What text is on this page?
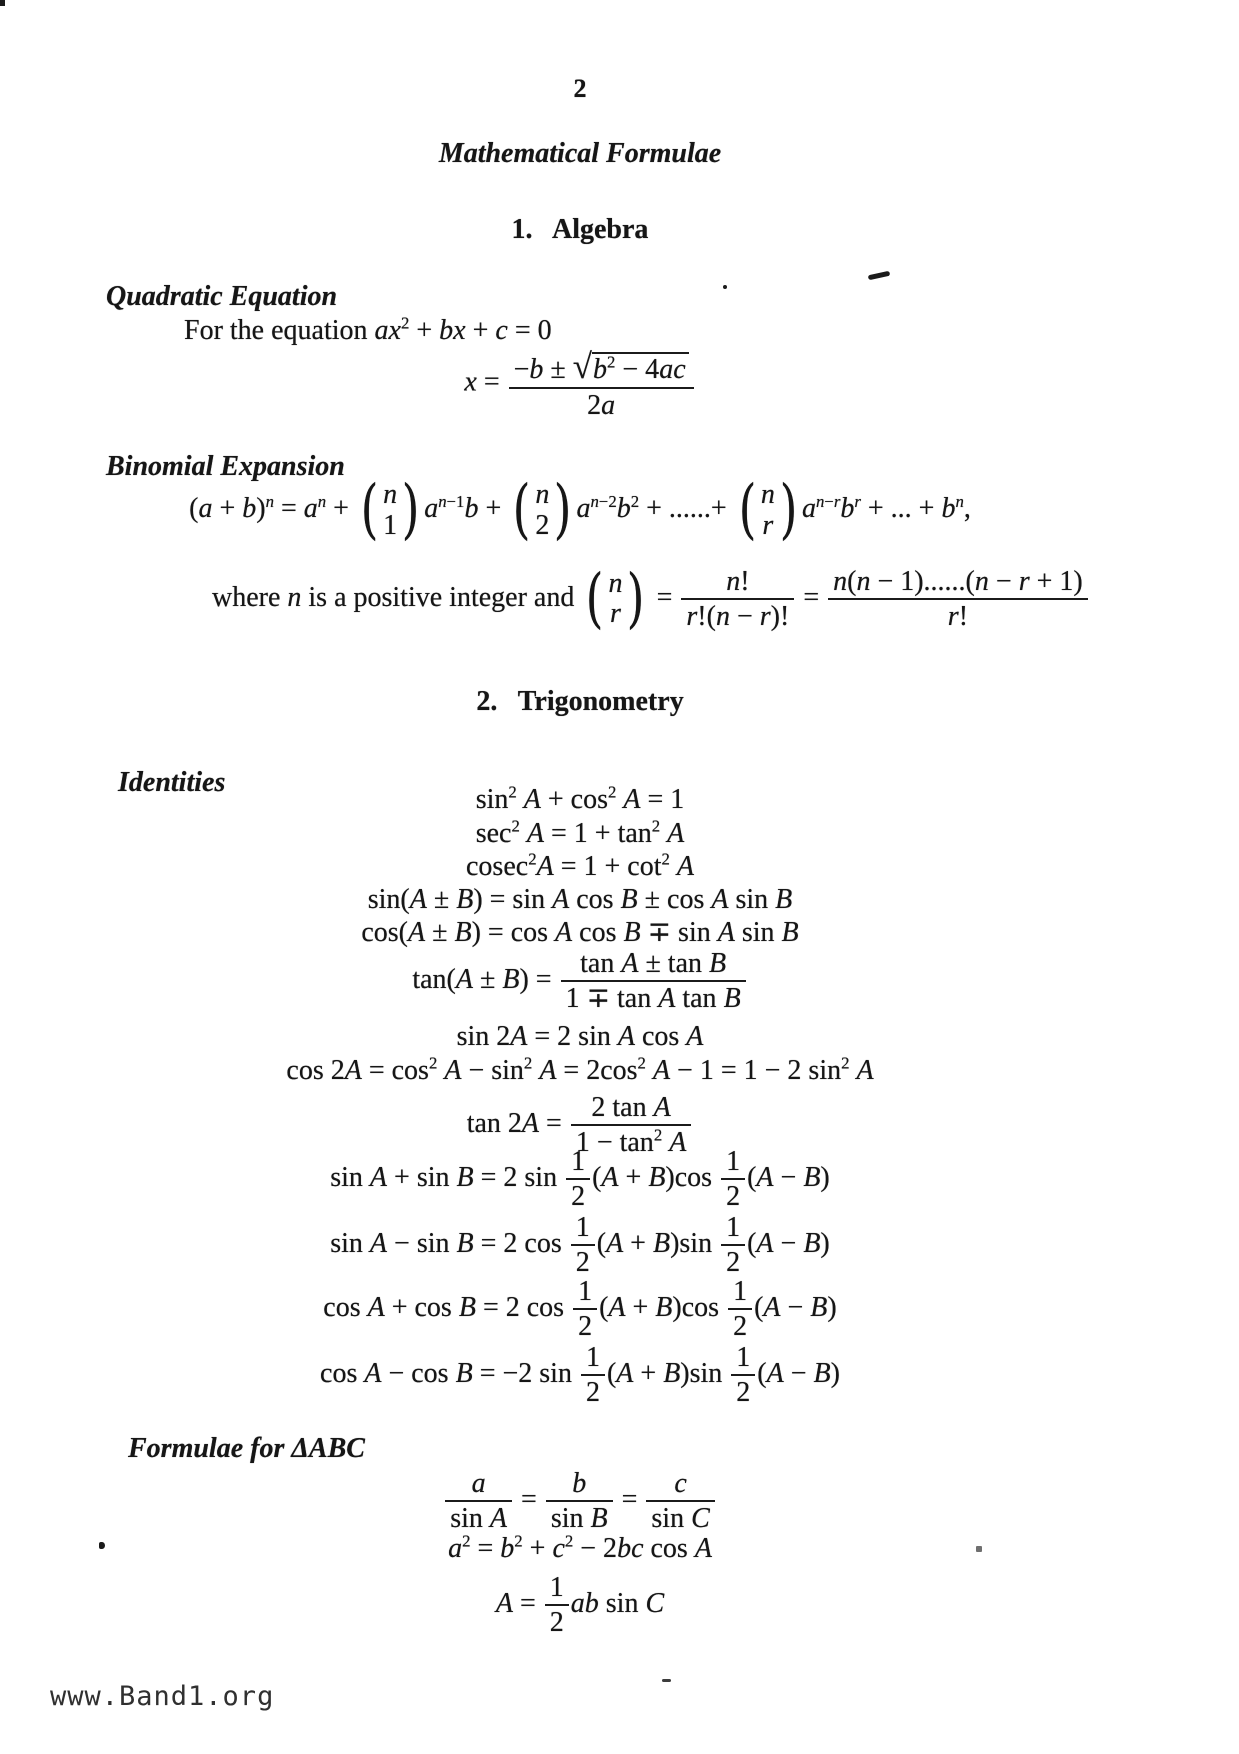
2
Mathematical Formulae
1.   Algebra
Quadratic Equation
For the equation $ax^2$ + bx + c = 0
$x = \frac{-b \pm √b^2 - 4ac}{2a}$
Binomial Expansion
$(a + b)^n = a^n$ + ( n
1 ) $a^{n-1}b$ + ( n
2 ) $a^{n-2}b^2$ + ......+ ( n
r ) $a^{n-r}b^r$ + ... + $b^n$,
where n is a positive integer and ( n
r ) = $\frac{n!}{r!(n - r)!} = \frac{n(n - 1)......(n - r + 1)}{r!}$
2.   Trigonometry
Identities
$\sin^2 A + \cos^2 A = 1$
$\sec^2 A = 1 + \tan^2 A$
$cosec^2A = 1 + \cot^2 A$
sin(A ± B) = sin A cos B ± cos A sin B
cos(A ± B) = cos A cos B ∓ sin A sin B
$\tan(A \pm B) = \frac{\text{tan A ± tan B}}{\text{1 ∓ tan A tan B}}$
sin 2A = 2 sin A cos A
$\cos 2A = \cos^2 A - \sin^2 A = 2\cos^2$ A − 1 = 1 − 2 $\sin^2 A$
$\tan 2A = \frac{\text{2 tan A}}{1 - \tan^2 A}$
sin A + sin B = 2 $\sin \frac{1}{2} (A + B)\cos \frac{1}{2} (A - B)$
sin A − sin B = 2 $\cos \frac{1}{2} (A + B)\sin \frac{1}{2} (A - B)$
cos A + cos B = 2 $\cos \frac{1}{2} (A + B)\cos \frac{1}{2} (A - B)$
cos A − cos B = −2 $\sin \frac{1}{2} (A + B)\sin \frac{1}{2} (A - B)$
Formulae for ΔABC
$\frac{a}{\text{sin A}} = \frac{b}{\text{sin B}} = \frac{c}{\text{sin C}}$
$a^2 = b^2 + c^2 - 2bc$ cos A
$A = \frac{1}{2}$ ab sin C
www.Band1.org
